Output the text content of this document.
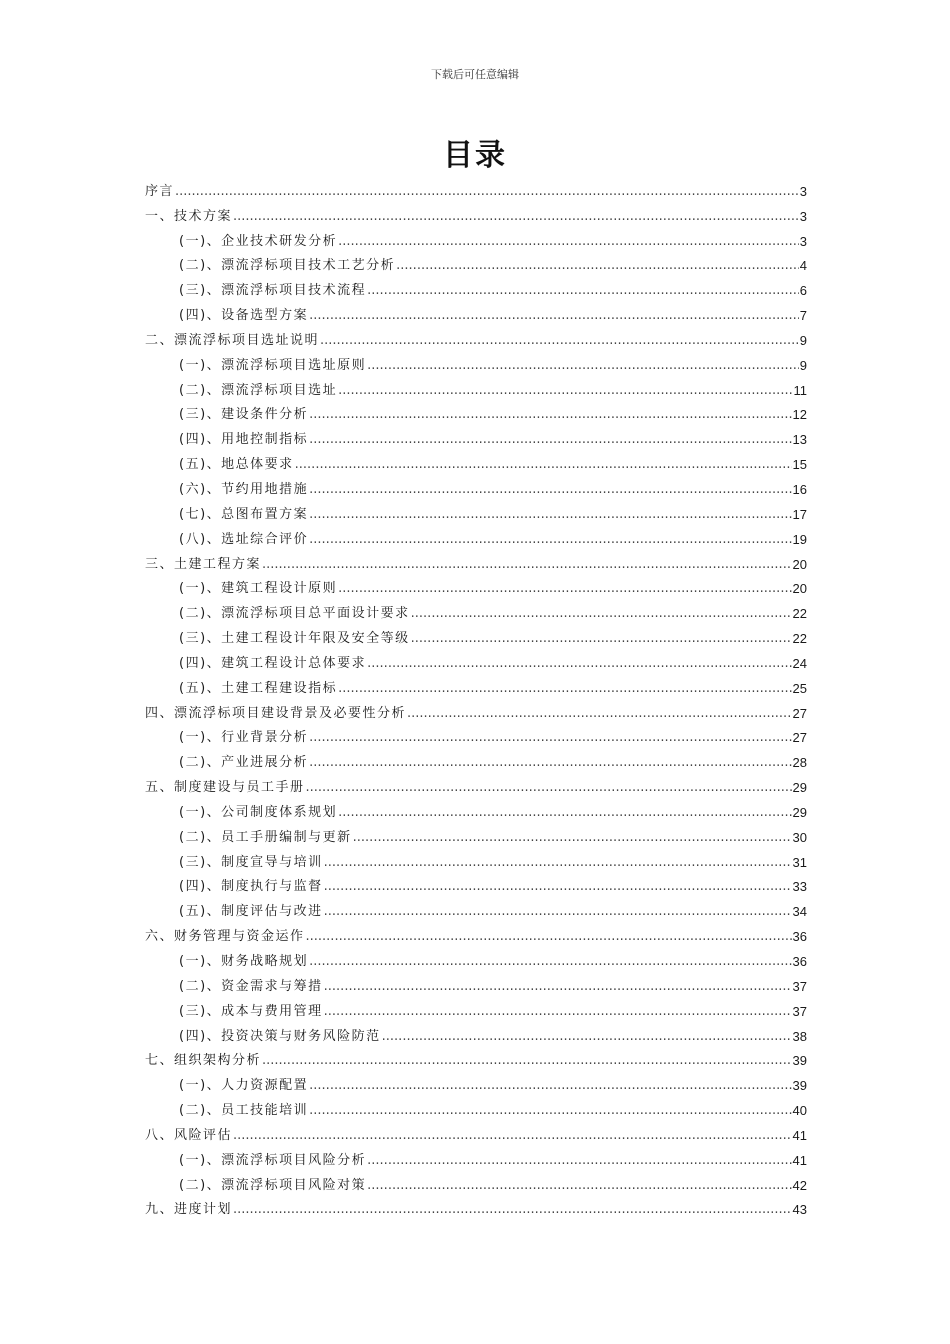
下载后可任意编辑
目录
序言 .....	3
一、技术方案 .....	3
(一)、企业技术研发分析 .....	3
(二)、漂流浮标项目技术工艺分析 .....	4
(三)、漂流浮标项目技术流程 .....	6
(四)、设备选型方案 .....	7
二、漂流浮标项目选址说明 .....	9
(一)、漂流浮标项目选址原则 .....	9
(二)、漂流浮标项目选址 .....	11
(三)、建设条件分析 .....	12
(四)、用地控制指标 .....	13
(五)、地总体要求 .....	15
(六)、节约用地措施 .....	16
(七)、总图布置方案 .....	17
(八)、选址综合评价 .....	19
三、土建工程方案 .....	20
(一)、建筑工程设计原则 .....	20
(二)、漂流浮标项目总平面设计要求 .....	22
(三)、土建工程设计年限及安全等级 .....	22
(四)、建筑工程设计总体要求 .....	24
(五)、土建工程建设指标 .....	25
四、漂流浮标项目建设背景及必要性分析 .....	27
(一)、行业背景分析 .....	27
(二)、产业进展分析 .....	28
五、制度建设与员工手册 .....	29
(一)、公司制度体系规划 .....	29
(二)、员工手册编制与更新 .....	30
(三)、制度宣导与培训 .....	31
(四)、制度执行与监督 .....	33
(五)、制度评估与改进 .....	34
六、财务管理与资金运作 .....	36
(一)、财务战略规划 .....	36
(二)、资金需求与筹措 .....	37
(三)、成本与费用管理 .....	37
(四)、投资决策与财务风险防范 .....	38
七、组织架构分析 .....	39
(一)、人力资源配置 .....	39
(二)、员工技能培训 .....	40
八、风险评估 .....	41
(一)、漂流浮标项目风险分析 .....	41
(二)、漂流浮标项目风险对策 .....	42
九、进度计划 .....	43
